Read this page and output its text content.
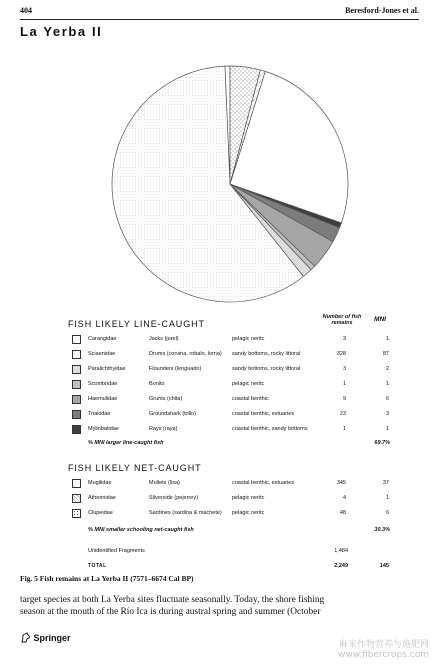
404	Beresford-Jones et al.
La Yerba II
FISH LIKELY LINE-CAUGHT
Number of fish remains	MNI
Carangidae	Jacks (jurel)	pelagic neritc	3	1
Sciaenidae	Drums (corvina, robalo, lorna) sandy bottoms, rocky littoral	328	87
Paralichthyidae	Flounders (lenguado)	sandy bottoms, rocky littoral	3	2
Scombridae	Bonito	pelagic neritc	1	1
Haemulidae	Grunts (chita)	coastal benthic	9	6
Triakidae	Groundshark (tollo)	coastal benthic, estuaries	23	3
Myliobatidae	Rays (raya)	coastal benthic, sandy bottoms	1	1
% MNI larger line-caught fish	69.7%
FISH LIKELY NET-CAUGHT
Mugilidae	Mullets (lisa)	coastal benthic, estuaries	345	37
Atherinidae	Silverside (pejerrey)	pelagic neritc	4	1
Clupeidae	Sardines (sardina & machete) pelagic neritc	48	6
% MNI smaller schooling net-caught fish	30.3%
Unidentified Fragments	1,484
TOTAL	2,249	145
Fig. 5 Fish remains at La Yerba II (7571–6674 Cal BP)
target species at both La Yerba sites fluctuate seasonally. Today, the shore fishing
season at the mouth of the Río Ica is during austral spring and summer (October
Springer
麻来作物营养与施肥网
www.fibercrops.com
